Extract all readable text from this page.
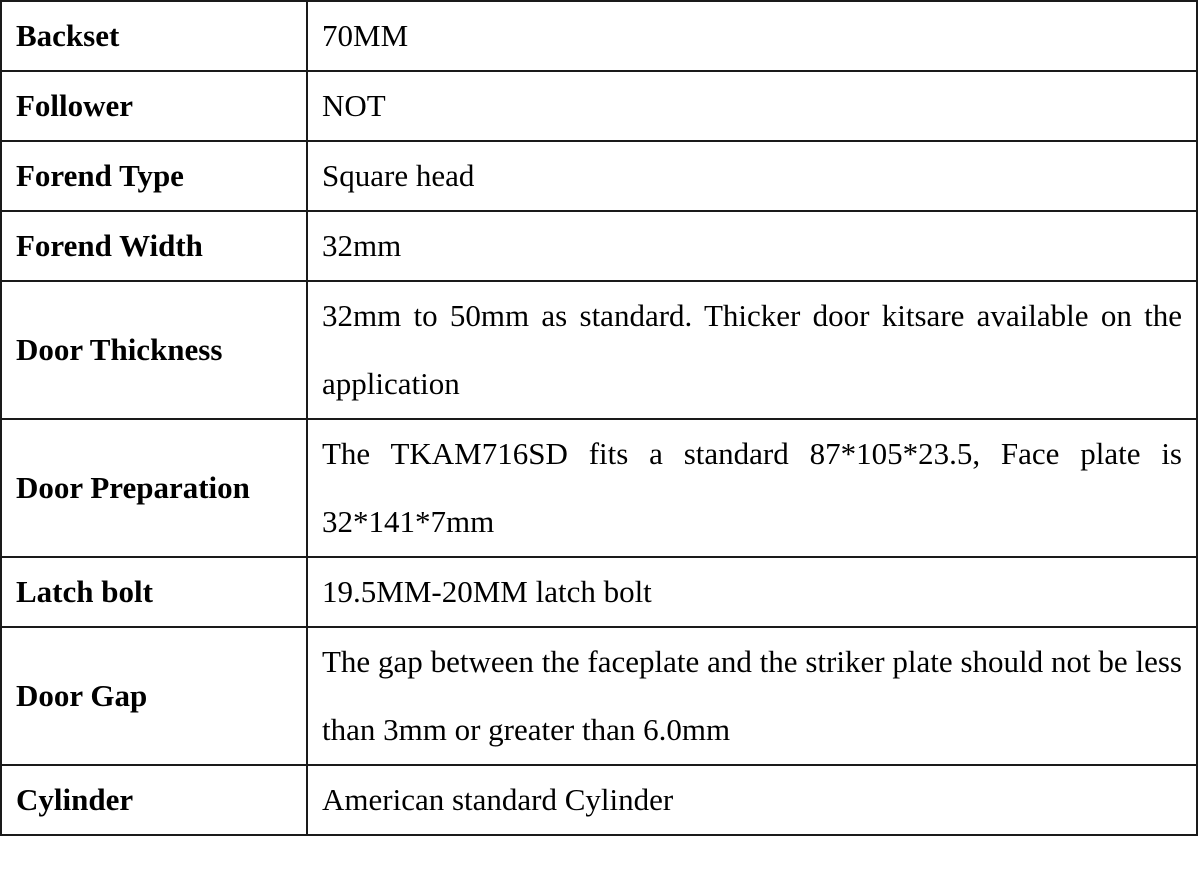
Backset	70MM
Follower	NOT
Forend Type	Square head
Forend Width	32mm
Door Thickness	32mm to 50mm as standard. Thicker door kitsare available on the application
Door Preparation	The TKAM716SD fits a standard 87*105*23.5, Face plate is 32*141*7mm
Latch bolt	19.5MM-20MM latch bolt
Door Gap	The gap between the faceplate and the striker plate should not be less than 3mm or greater than 6.0mm
Cylinder	American standard Cylinder
